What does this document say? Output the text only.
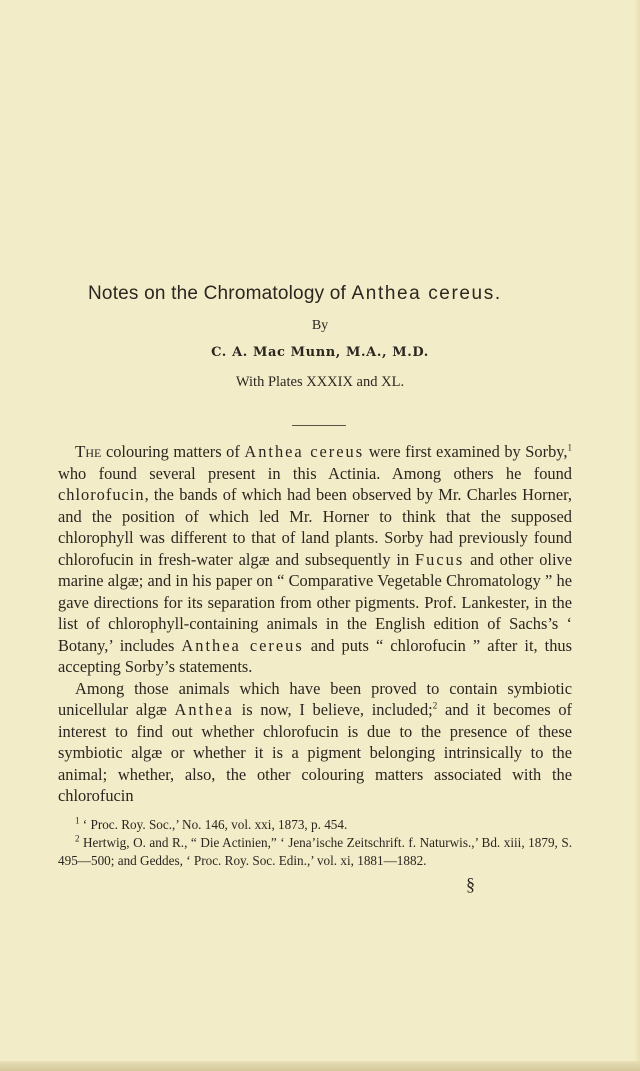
Notes on the Chromatology of Anthea cereus.
By
C. A. Mac Munn, M.A., M.D.
With Plates XXXIX and XL.

The colouring matters of Anthea cereus were first examined by Sorby,$^1$ who found several present in this Actinia. Among others he found chlorofucin, the bands of which had been observed by Mr. Charles Horner, and the position of which led Mr. Horner to think that the supposed chlorophyll was different to that of land plants. Sorby had previously found chlorofucin in fresh-water algæ and subsequently in Fucus and other olive marine algæ; and in his paper on “ Comparative Vegetable Chromatology ” he gave directions for its separation from other pigments. Prof. Lankester, in the list of chlorophyll-containing animals in the English edition of Sachs’s ‘ Botany,’ includes Anthea cereus and puts “ chlorofucin ” after it, thus accepting Sorby’s statements.

Among those animals which have been proved to contain symbiotic unicellular algæ Anthea is now, I believe, included;$^2$ and it becomes of interest to find out whether chlorofucin is due to the presence of these symbiotic algæ or whether it is a pigment belonging intrinsically to the animal; whether, also, the other colouring matters associated with the chlorofucin

$^1$ ‘ Proc. Roy. Soc.,’ No. 146, vol. xxi, 1873, p. 454.

$^2$ Hertwig, O. and R., “ Die Actinien,” ‘ Jena’ische Zeitschrift. f. Naturwis.,’ Bd. xiii, 1879, S. 495—500; and Geddes, ‘ Proc. Roy. Soc. Edin.,’ vol. xi, 1881—1882.

§
